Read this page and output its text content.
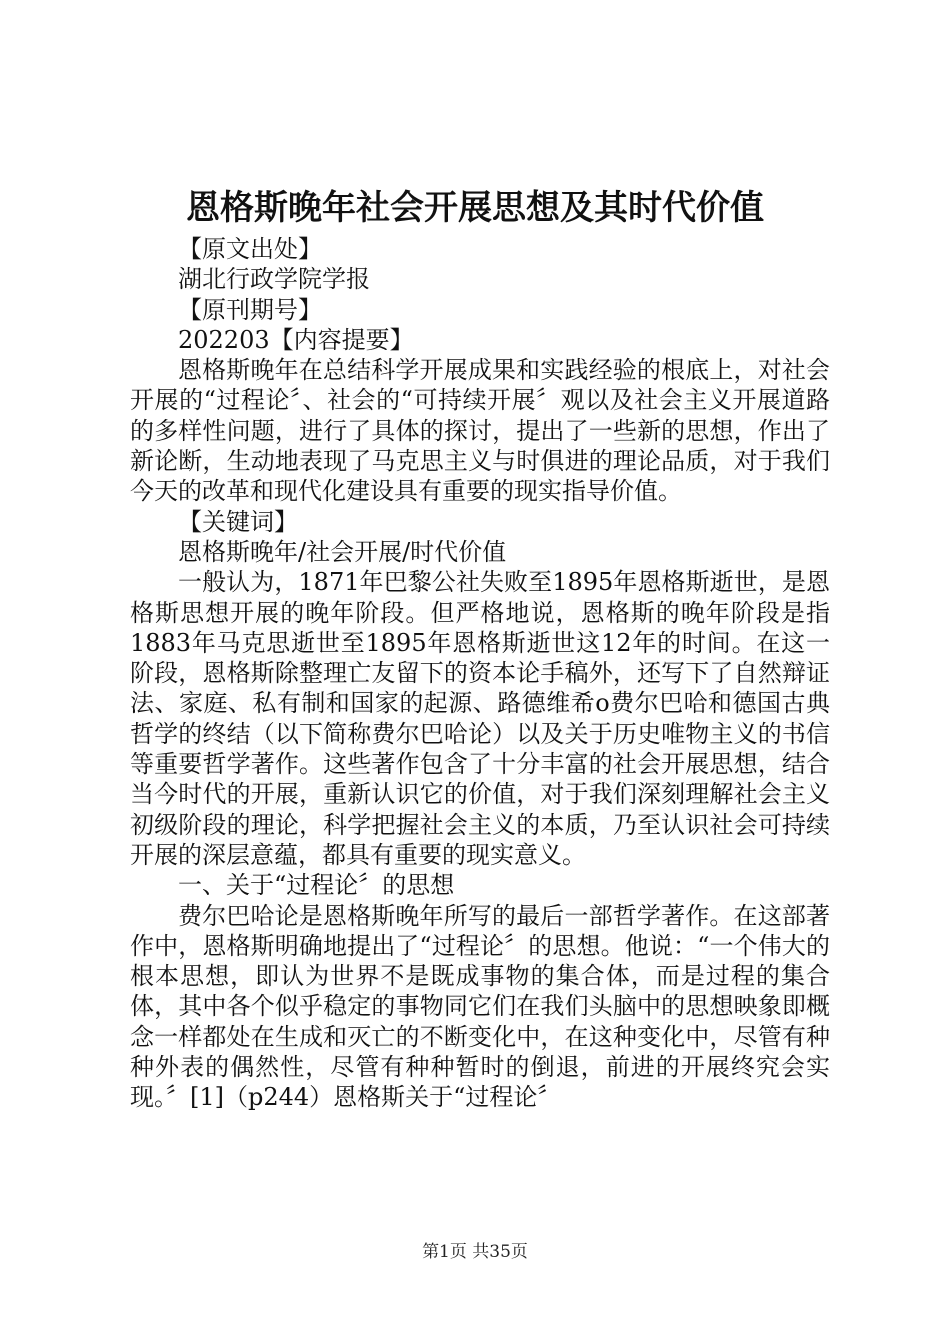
恩格斯晚年社会开展思想及其时代价值

【原文出处】

湖北行政学院学报

【原刊期号】

202203【内容提要】

恩格斯晚年在总结科学开展成果和实践经验的根底上，对社会开展的“过程论〞、社会的“可持续开展〞观以及社会主义开展道路的多样性问题，进行了具体的探讨，提出了一些新的思想，作出了新论断，生动地表现了马克思主义与时俱进的理论品质，对于我们今天的改革和现代化建设具有重要的现实指导价值。

【关键词】

恩格斯晚年/社会开展/时代价值

一般认为，1871年巴黎公社失败至1895年恩格斯逝世，是恩格斯思想开展的晚年阶段。但严格地说，恩格斯的晚年阶段是指1883年马克思逝世至1895年恩格斯逝世这12年的时间。在这一阶段，恩格斯除整理亡友留下的资本论手稿外，还写下了自然辩证法、家庭、私有制和国家的起源、路德维希o费尔巴哈和德国古典哲学的终结（以下简称费尔巴哈论）以及关于历史唯物主义的书信等重要哲学著作。这些著作包含了十分丰富的社会开展思想，结合当今时代的开展，重新认识它的价值，对于我们深刻理解社会主义初级阶段的理论，科学把握社会主义的本质，乃至认识社会可持续开展的深层意蕴，都具有重要的现实意义。

一、关于“过程论〞的思想

费尔巴哈论是恩格斯晚年所写的最后一部哲学著作。在这部著作中，恩格斯明确地提出了“过程论〞的思想。他说：“一个伟大的根本思想，即认为世界不是既成事物的集合体，而是过程的集合体，其中各个似乎稳定的事物同它们在我们头脑中的思想映象即概念一样都处在生成和灭亡的不断变化中，在这种变化中，尽管有种种外表的偶然性，尽管有种种暂时的倒退，前进的开展终究会实现。〞[1]（p244）恩格斯关于“过程论〞

第1页 共35页
